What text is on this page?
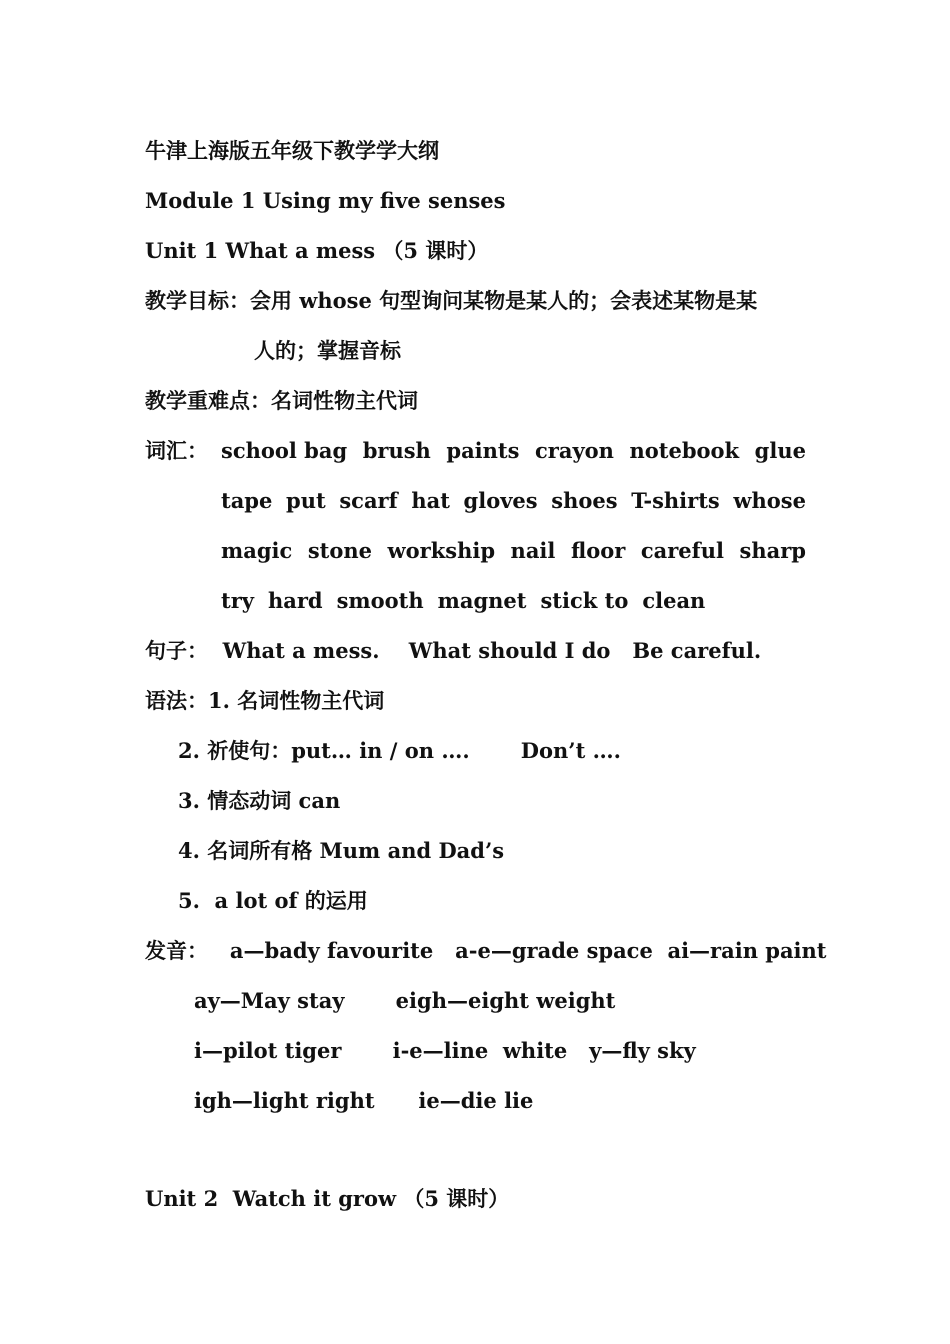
牛津上海版五年级下教学学大纲
Module 1 Using my five senses
Unit 1 What a mess （5 课时）
教学目标：会用 whose 句型询问某物是某人的；会表述某物是某
人的；掌握音标
教学重难点：名词性物主代词
词汇： school bag brush paints crayon notebook glue
tape put scarf hat gloves shoes T-shirts whose
magic stone workship nail floor careful sharp
try hard smooth magnet stick to clean
句子：  What a mess.    What should I do   Be careful.
语法：1. 名词性物主代词
2. 祈使句：put… in / on ….       Don’t ….
3. 情态动词 can
4. 名词所有格 Mum and Dad’s
5.  a lot of 的运用
发音：   a—bady favourite   a-e—grade space  ai—rain paint
ay—May stay       eigh—eight weight
i—pilot tiger       i-e—line  white   y—fly sky
igh—light right      ie—die lie
Unit 2  Watch it grow （5 课时）
